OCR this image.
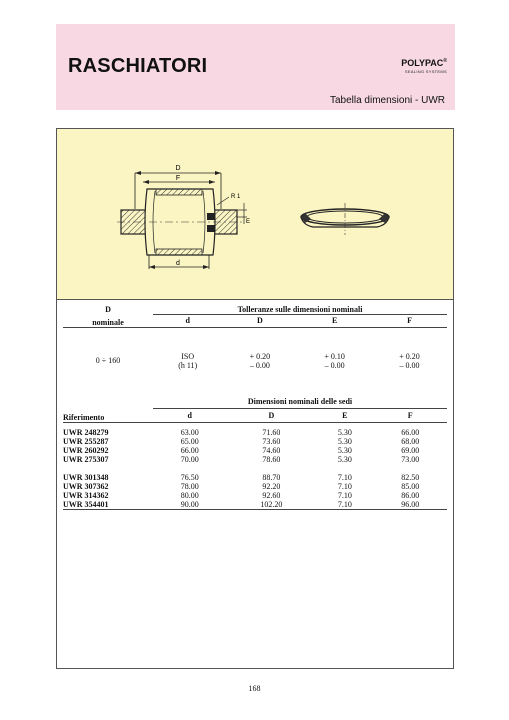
RASCHIATORI	POLYPAC®
SEALING SYSTEMS
Tabella dimensioni - UWR
D
F
R 1
E
d
D	Tolleranze sulle dimensioni nominali			
nominale	d	D	E	F

0 ÷ 160	ISO	+ 0.20	+ 0.10	+ 0.20
	(h 11)	– 0.00	– 0.00	– 0.00
	Dimensioni nominali delle sedi			
Riferimento	d	D	E	F

UWR 248279	63.00	71.60	5.30	66.00
UWR 255287	65.00	73.60	5.30	68.00
UWR 260292	66.00	74.60	5.30	69.00
UWR 275307	70.00	78.60	5.30	73.00

UWR 301348	76.50	88.70	7.10	82.50
UWR 307362	78.00	92.20	7.10	85.00
UWR 314362	80.00	92.60	7.10	86.00
UWR 354401	90.00	102.20	7.10	96.00
168
